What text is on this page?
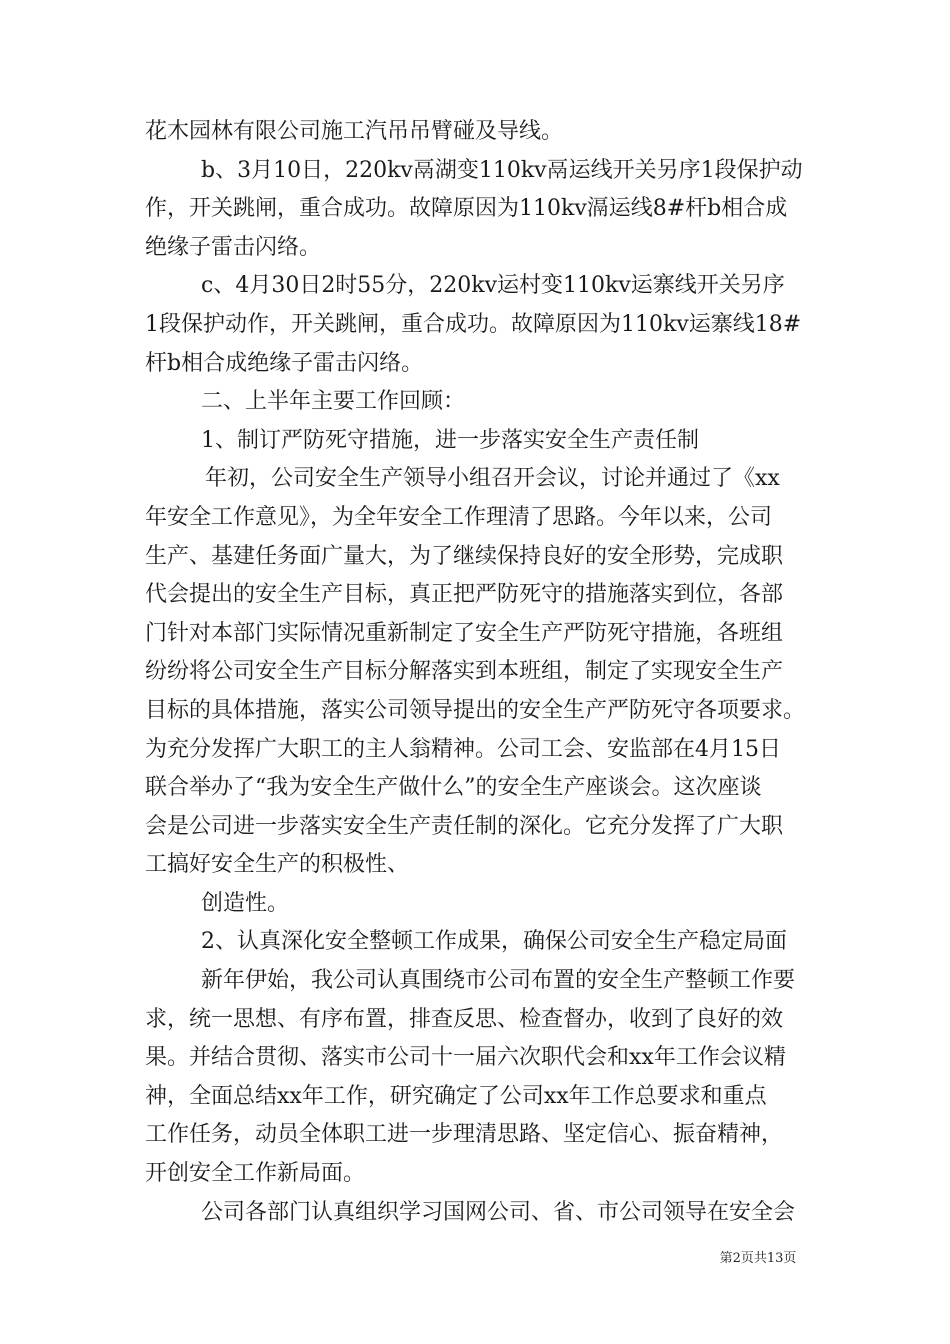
花木园林有限公司施工汽吊吊臂碰及导线。
b、3月10日，220kv鬲湖变110kv鬲运线开关另序1段保护动
作，开关跳闸，重合成功。故障原因为110kv滆运线8#杆b相合成
绝缘子雷击闪络。
c、4月30日2时55分，220kv运村变110kv运寨线开关另序
1段保护动作，开关跳闸，重合成功。故障原因为110kv运寨线18#
杆b相合成绝缘子雷击闪络。
二、上半年主要工作回顾：
1、制订严防死守措施，进一步落实安全生产责任制
年初，公司安全生产领导小组召开会议，讨论并通过了《xx
年安全工作意见》，为全年安全工作理清了思路。今年以来，公司
生产、基建任务面广量大，为了继续保持良好的安全形势，完成职
代会提出的安全生产目标，真正把严防死守的措施落实到位，各部
门针对本部门实际情况重新制定了安全生产严防死守措施，各班组
纷纷将公司安全生产目标分解落实到本班组，制定了实现安全生产
目标的具体措施，落实公司领导提出的安全生产严防死守各项要求。
为充分发挥广大职工的主人翁精神。公司工会、安监部在4月15日
联合举办了“我为安全生产做什么”的安全生产座谈会。这次座谈
会是公司进一步落实安全生产责任制的深化。它充分发挥了广大职
工搞好安全生产的积极性、
创造性。
2、认真深化安全整顿工作成果，确保公司安全生产稳定局面
新年伊始，我公司认真围绕市公司布置的安全生产整顿工作要
求，统一思想、有序布置，排查反思、检查督办，收到了良好的效
果。并结合贯彻、落实市公司十一届六次职代会和xx年工作会议精
神，全面总结xx年工作，研究确定了公司xx年工作总要求和重点
工作任务，动员全体职工进一步理清思路、坚定信心、振奋精神，
开创安全工作新局面。
公司各部门认真组织学习国网公司、省、市公司领导在安全会
第2页共13页
